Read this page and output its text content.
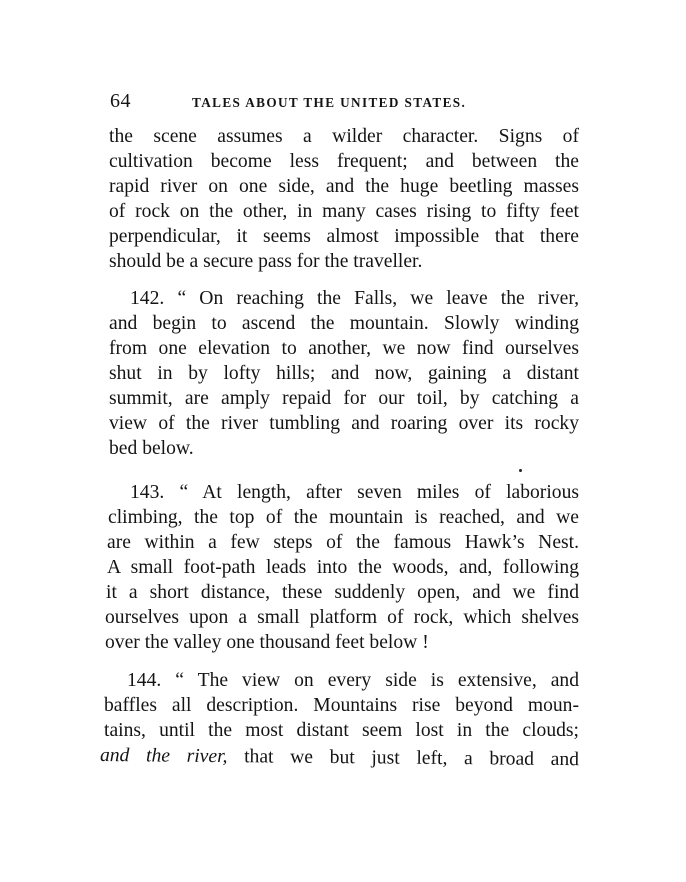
64	TALES ABOUT THE UNITED STATES.
the scene assumes a wilder character. Signs of
cultivation become less frequent; and between the
rapid river on one side, and the huge beetling masses
of rock on the other, in many cases rising to fifty feet
perpendicular, it seems almost impossible that there
should be a secure pass for the traveller.
142. “ On reaching the Falls, we leave the river,
and begin to ascend the mountain. Slowly winding
from one elevation to another, we now find ourselves
shut in by lofty hills; and now, gaining a distant
summit, are amply repaid for our toil, by catching a
view of the river tumbling and roaring over its rocky
bed below.
143. “ At length, after seven miles of laborious
climbing, the top of the mountain is reached, and we
are within a few steps of the famous Hawk’s Nest.
A small foot-path leads into the woods, and, following
it a short distance, these suddenly open, and we find
ourselves upon a small platform of rock, which shelves
over the valley one thousand feet below !
144. “ The view on every side is extensive, and
baffles all description. Mountains rise beyond moun-
tains, until the most distant seem lost in the clouds;
and the river, that we but just left, a broad and
